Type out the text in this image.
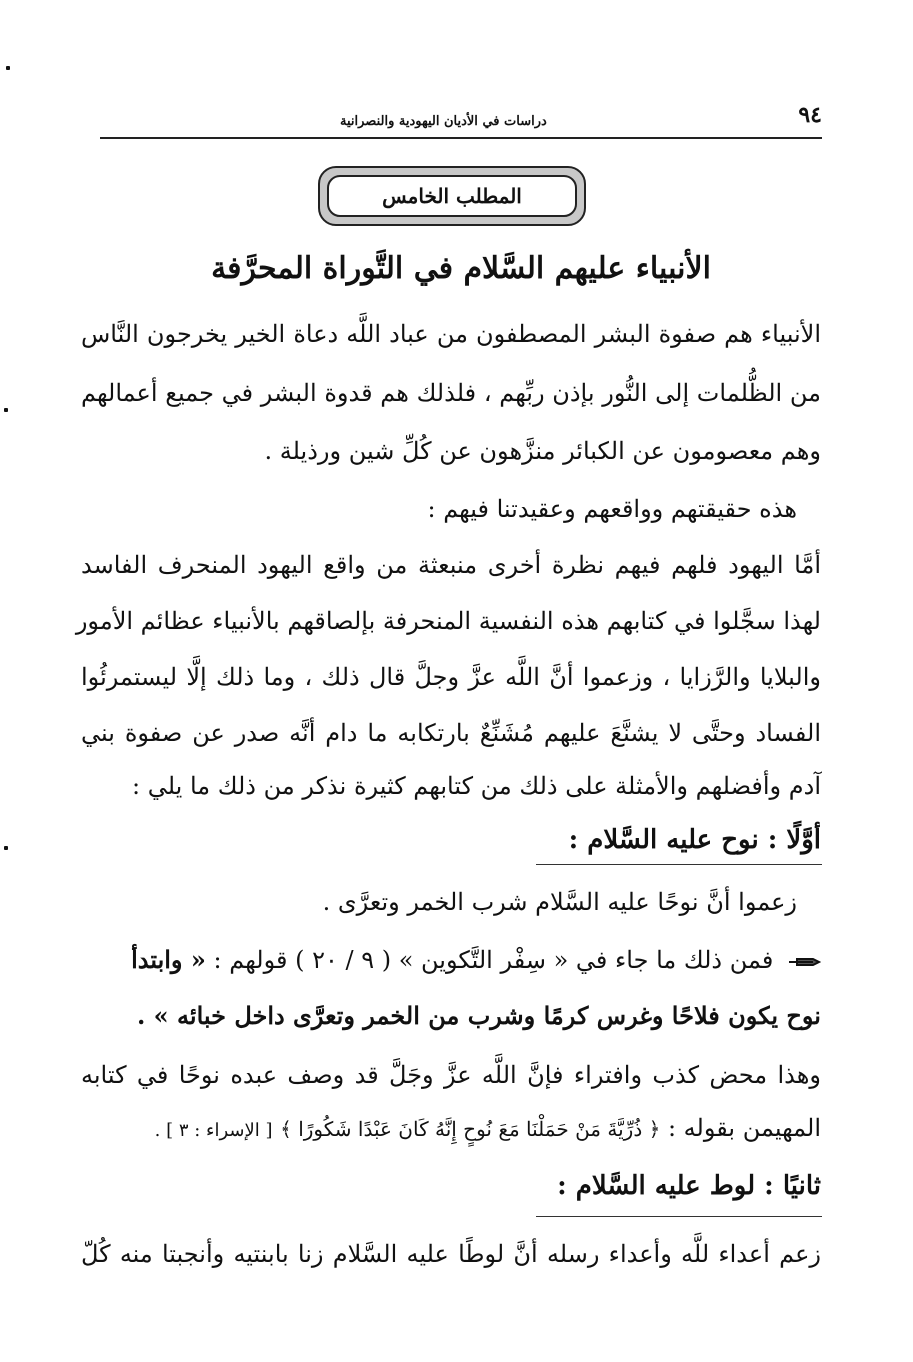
٩٤
دراسات في الأديان اليهودية والنصرانية
المطلب الخامس
الأنبياء عليهم السَّلام في التَّوراة المحرَّفة
الأنبياء هم صفوة البشر المصطفون من عباد اللَّه دعاة الخير يخرجون النَّاس
من الظُّلمات إلى النُّور بإذن ربِّهم ، فلذلك هم قدوة البشر في جميع أعمالهم
وهم معصومون عن الكبائر منزَّهون عن كُلِّ شين ورذيلة .
هذه حقيقتهم وواقعهم وعقيدتنا فيهم :
أمَّا اليهود فلهم فيهم نظرة أخرى منبعثة من واقع اليهود المنحرف الفاسد
لهذا سجَّلوا في كتابهم هذه النفسية المنحرفة بإلصاقهم بالأنبياء عظائم الأمور
والبلايا والرَّزايا ، وزعموا أنَّ اللَّه عزَّ وجلَّ قال ذلك ، وما ذلك إلَّا ليستمرئُوا
الفساد وحتَّى لا يشنَّعَ عليهم مُشَنِّعٌ بارتكابه ما دام أنَّه صدر عن صفوة بني
آدم وأفضلهم والأمثلة على ذلك من كتابهم كثيرة نذكر من ذلك ما يلي :
أوَّلًا : نوح عليه السَّلام :
زعموا أنَّ نوحًا عليه السَّلام شرب الخمر وتعرَّى .
فمن ذلك ما جاء في « سِفْر التَّكوين » ( ٩ / ٢٠ ) قولهم : « وابتدأ
نوح يكون فلاحًا وغرس كرمًا وشرب من الخمر وتعرَّى داخل خبائه » .
وهذا محض كذب وافتراء فإنَّ اللَّه عزَّ وجَلَّ قد وصف عبده نوحًا في كتابه
المهيمن بقوله : ﴿ ذُرِّيَّةَ مَنْ حَمَلْنَا مَعَ نُوحٍ إِنَّهُ كَانَ عَبْدًا شَكُورًا ﴾ [ الإسراء : ٣ ] .
ثانيًا : لوط عليه السَّلام :
زعم أعداء للَّه وأعداء رسله أنَّ لوطًا عليه السَّلام زنا بابنتيه وأنجبتا منه كُلّ
